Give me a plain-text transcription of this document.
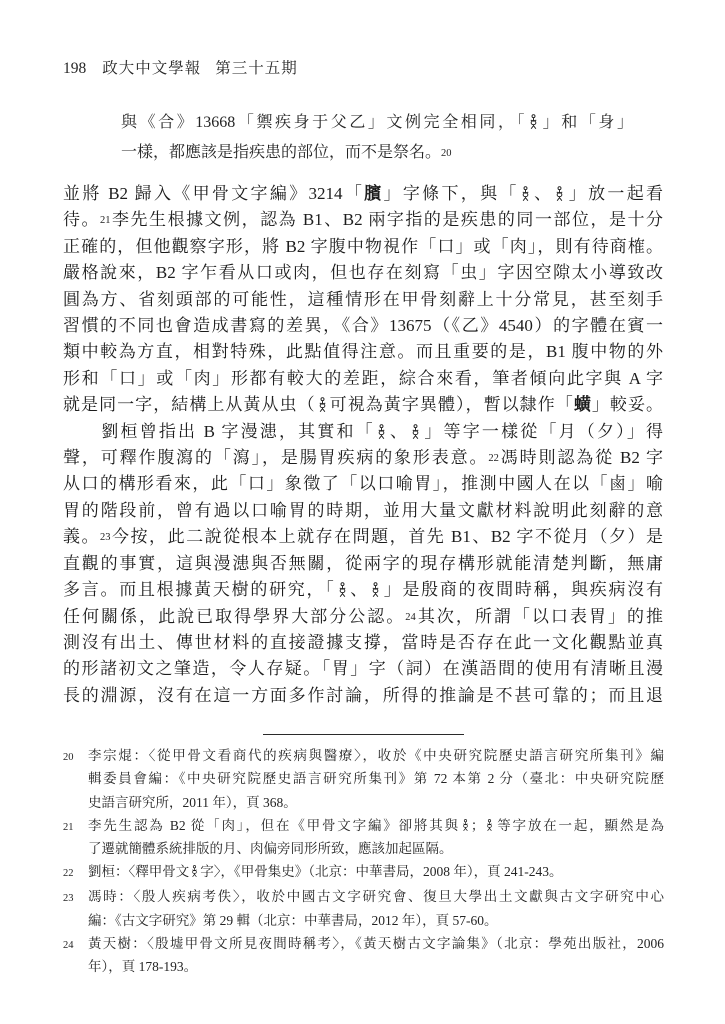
198 政大中文學報 第三十五期
與《合》13668「禦疾身于父乙」文例完全相同，「 」和「身」
一樣，都應該是指疾患的部位，而不是祭名。$^{20}$
並將 B2 歸入《甲骨文字編》3214「臏」字條下，與「 、 」放一起看
待。$^{21}$李先生根據文例，認為 B1、B2 兩字指的是疾患的同一部位，是十分
正確的，但他觀察字形，將 B2 字腹中物視作「口」或「肉」，則有待商榷。
嚴格說來，B2 字乍看从口或肉，但也存在刻寫「虫」字因空隙太小導致改
圓為方、省刻頭部的可能性，這種情形在甲骨刻辭上十分常見，甚至刻手
習慣的不同也會造成書寫的差異，《合》13675（《乙》4540）的字體在賓一
類中較為方直，相對特殊，此點值得注意。而且重要的是，B1 腹中物的外
形和「口」或「肉」形都有較大的差距，綜合來看，筆者傾向此字與 A 字
就是同一字，結構上从黃从虫（ 可視為黃字異體），暫以隸作「蟥」較妥。
　　劉桓曾指出 B 字漫漶，其實和「 、 」等字一樣從「月（夕）」得
聲，可釋作腹瀉的「瀉」，是腸胃疾病的象形表意。$^{22}$馮時則認為從 B2 字
从口的構形看來，此「口」象徵了「以口喻胃」，推測中國人在以「鹵」喻
胃的階段前，曾有過以口喻胃的時期，並用大量文獻材料說明此刻辭的意
義。$^{23}$今按，此二說從根本上就存在問題，首先 B1、B2 字不從月（夕）是
直觀的事實，這與漫漶與否無關，從兩字的現存構形就能清楚判斷，無庸
多言。而且根據黃天樹的研究，「 、 」是殷商的夜間時稱，與疾病沒有
任何關係，此說已取得學界大部分公認。$^{24}$其次，所謂「以口表胃」的推
測沒有出土、傳世材料的直接證據支撐，當時是否存在此一文化觀點並真
的形諸初文之肇造，令人存疑。「胃」字（詞）在漢語間的使用有清晰且漫
長的淵源，沒有在這一方面多作討論，所得的推論是不甚可靠的；而且退
20	李宗焜：〈從甲骨文看商代的疾病與醫療〉，收於《中央研究院歷史語言研究所集刊》編
輯委員會編：《中央研究院歷史語言研究所集刊》第 72 本第 2 分（臺北：中央研究院歷
史語言研究所，2011 年），頁 368。
21	李先生認為 B2 從「肉」，但在《甲骨文字編》卻將其與 ； 等字放在一起，顯然是為
了遷就簡體系統排版的月、肉偏旁同形所致，應該加起區隔。
22	劉桓：〈釋甲骨文 字〉，《甲骨集史》（北京：中華書局，2008 年），頁 241-243。
23	馮時：〈殷人疾病考佚〉，收於中國古文字研究會、復旦大學出土文獻與古文字研究中心
編：《古文字研究》第 29 輯（北京：中華書局，2012 年），頁 57-60。
24	黃天樹：〈殷墟甲骨文所見夜間時稱考〉，《黃天樹古文字論集》（北京：學苑出版社，2006
年），頁 178-193。
